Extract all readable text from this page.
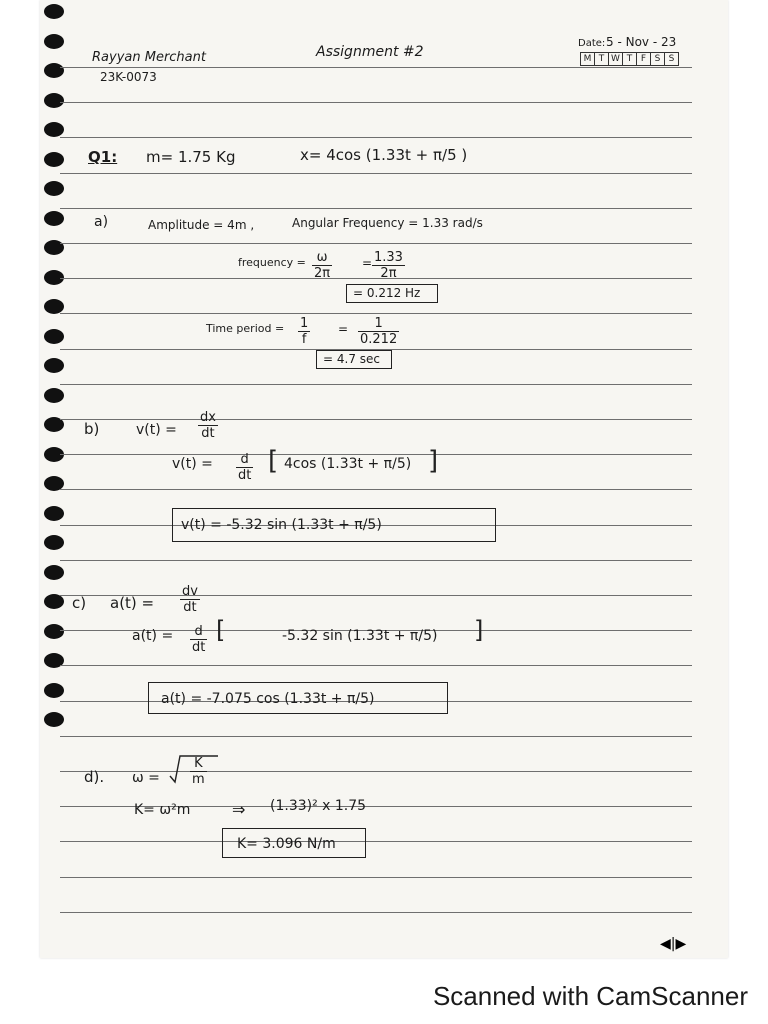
Rayyan Merchant
23K-0073
Assignment #2
Date: 5 - Nov - 23
M T W T F S S
Q1: m= 1.75 Kg	x= 4cos (1.33t + π/5 )
a)	Amplitude = 4m ,	Angular Frequency = 1.33 rad/s
frequency = $\frac{\omega}{2\pi} = \frac{1.33}{2\pi}$
= 0.212 Hz
Time period = $\frac{1}{f} = \frac{1}{0.212}$
= 4.7 sec
b)	$v(t) = \frac{dx}{dt}$
$v(t) = \frac{d}{dt}$ [ 4cos (1.33t + π/5) ]
v(t) = -5.32 sin (1.33t + π/5)
c) $a(t) = \frac{dv}{dt}$
$a(t) = \frac{d}{dt}$ [	-5.32 sin (1.33t + π/5) ]
a(t) = -7.075 cos (1.33t + π/5)
d). $\omega = \frac{K}{m}$
K= ω²m	⇒ (1.33)² x 1.75
K= 3.096 N/m
◀|▶
Scanned with CamScanner
